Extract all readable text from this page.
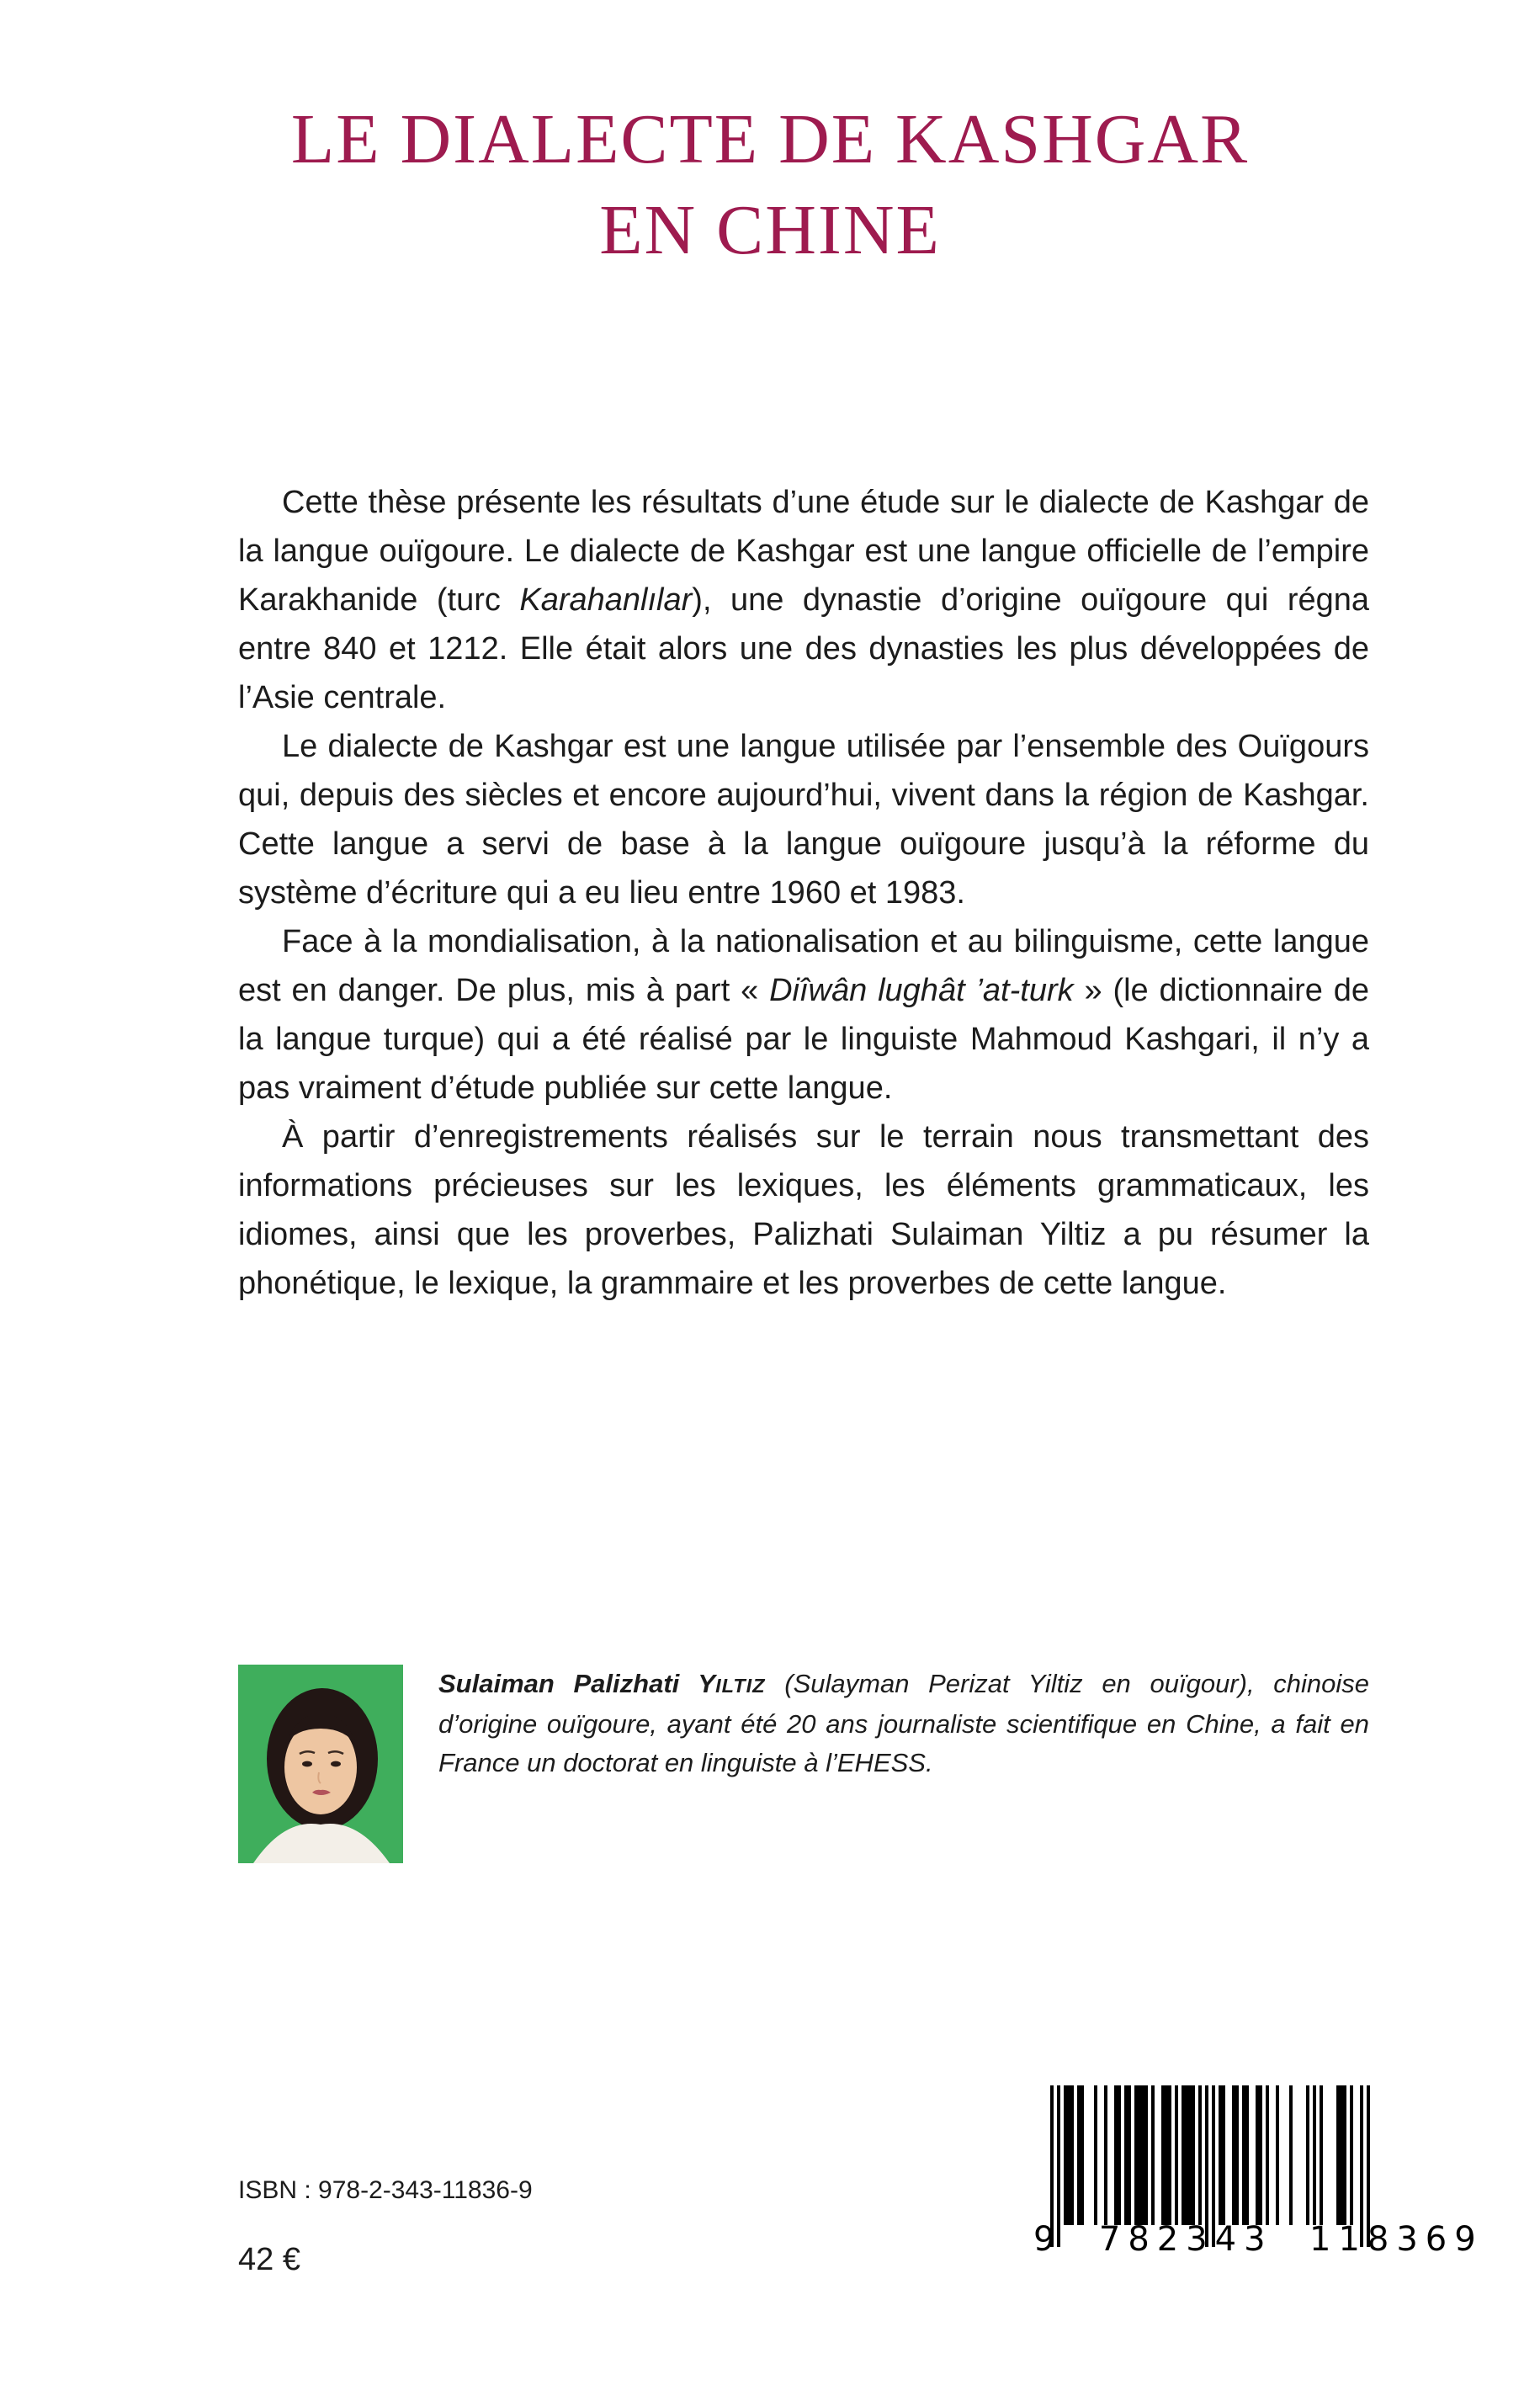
LE DIALECTE DE KASHGAR
EN CHINE

Cette thèse présente les résultats d’une étude sur le dialecte de Kashgar de la langue ouïgoure. Le dialecte de Kashgar est une langue officielle de l’empire Karakhanide (turc Karahanlılar), une dynastie d’origine ouïgoure qui régna entre 840 et 1212. Elle était alors une des dynasties les plus développées de l’Asie centrale.

Le dialecte de Kashgar est une langue utilisée par l’ensemble des Ouïgours qui, depuis des siècles et encore aujourd’hui, vivent dans la région de Kashgar. Cette langue a servi de base à la langue ouïgoure jusqu’à la réforme du système d’écriture qui a eu lieu entre 1960 et 1983.

Face à la mondialisation, à la nationalisation et au bilinguisme, cette langue est en danger. De plus, mis à part « Diîwân lughât ’at-turk » (le dictionnaire de la langue turque) qui a été réalisé par le linguiste Mahmoud Kashgari, il n’y a pas vraiment d’étude publiée sur cette langue.

À partir d’enregistrements réalisés sur le terrain nous transmettant des informations précieuses sur les lexiques, les éléments grammaticaux, les idiomes, ainsi que les proverbes, Palizhati Sulaiman Yiltiz a pu résumer la phonétique, le lexique, la grammaire et les proverbes de cette langue.

Sulaiman Palizhati YILTIZ (Sulayman Perizat Yiltiz en ouïgour), chinoise d’origine ouïgoure, ayant été 20 ans journaliste scientifique en Chine, a fait en France un doctorat en linguiste à l’EHESS.

ISBN : 978-2-343-11836-9
42 €
9  782343  118369
